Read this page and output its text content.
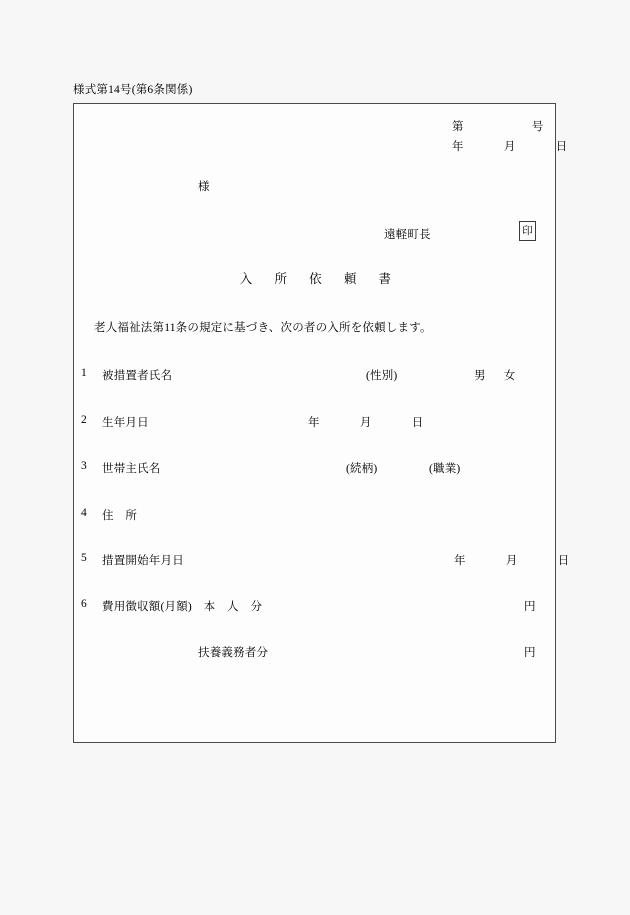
様式第14号(第6条関係)
第	号
年	月	日
様
遠軽町長	印
入 所 依 頼 書
老人福祉法第11条の規定に基づき、次の者の入所を依頼します。
1 被措置者氏名	(性別)	男 女
2 生年月日	年	月	日
3 世帯主氏名	(続柄)	(職業)
4 住　所
5 措置開始年月日	年	月	日
6 費用徴収額(月額)　本　人　分	円
扶養義務者分	円
